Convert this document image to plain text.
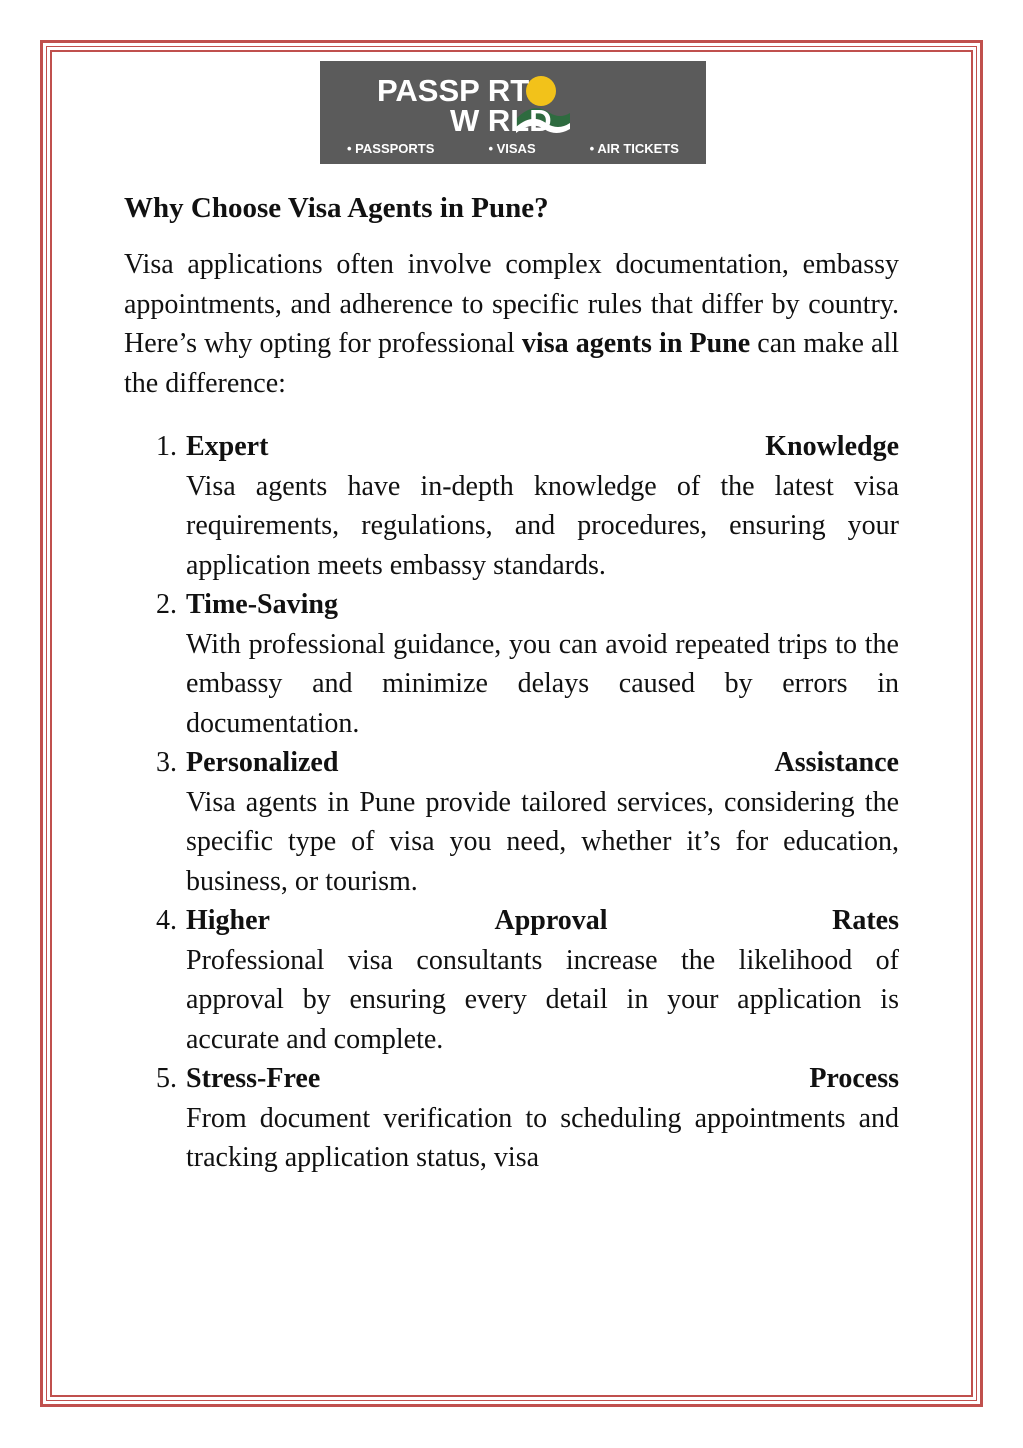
PASSP RT
W RLD
• PASSPORTS	• VISAS	• AIR TICKETS
Why Choose Visa Agents in Pune?

Visa applications often involve complex documentation, embassy appointments, and adherence to specific rules that differ by country. Here’s why opting for professional visa agents in Pune can make all the difference:

1. Expert	Knowledge
Visa agents have in-depth knowledge of the latest visa requirements, regulations, and procedures, ensuring your application meets embassy standards.
2. Time-Saving
With professional guidance, you can avoid repeated trips to the embassy and minimize delays caused by errors in documentation.
3. Personalized	Assistance
Visa agents in Pune provide tailored services, considering the specific type of visa you need, whether it’s for education, business, or tourism.
4. Higher	Approval	Rates
Professional visa consultants increase the likelihood of approval by ensuring every detail in your application is accurate and complete.
5. Stress-Free	Process
From document verification to scheduling appointments and tracking application status, visa
